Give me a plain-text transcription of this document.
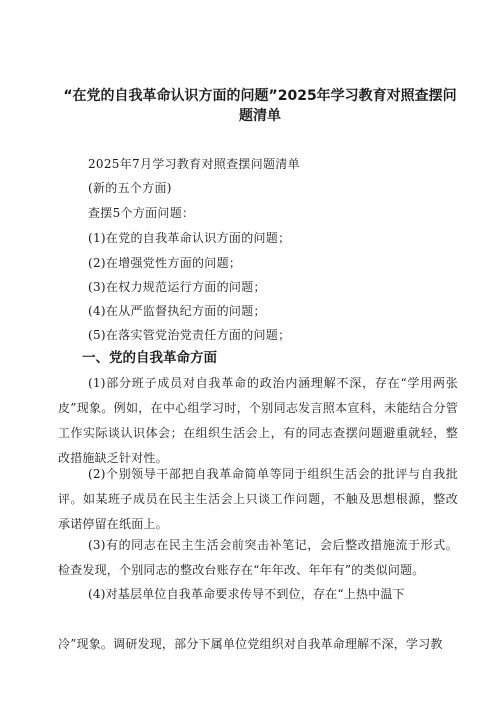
“在党的自我革命认识方面的问题”2025年学习教育对照查摆问

题清单

2025年7月学习教育对照查摆问题清单

(新的五个方面)

查摆5个方面问题：

(1)在党的自我革命认识方面的问题；

(2)在增强党性方面的问题；

(3)在权力规范运行方面的问题；

(4)在从严监督执纪方面的问题；

(5)在落实管党治党责任方面的问题；

一、党的自我革命方面

(1)部分班子成员对自我革命的政治内涵理解不深，存在“学用两张皮”现象。例如，在中心组学习时，个别同志发言照本宣科，未能结合分管工作实际谈认识体会；在组织生活会上，有的同志查摆问题避重就轻，整改措施缺乏针对性。

(2)个别领导干部把自我革命简单等同于组织生活会的批评与自我批评。如某班子成员在民主生活会上只谈工作问题，不触及思想根源，整改承诺停留在纸面上。

(3)有的同志在民主生活会前突击补笔记，会后整改措施流于形式。检查发现，个别同志的整改台账存在“年年改、年年有”的类似问题。

(4)对基层单位自我革命要求传导不到位，存在“上热中温下

冷”现象。调研发现，部分下属单位党组织对自我革命理解不深，学习教
